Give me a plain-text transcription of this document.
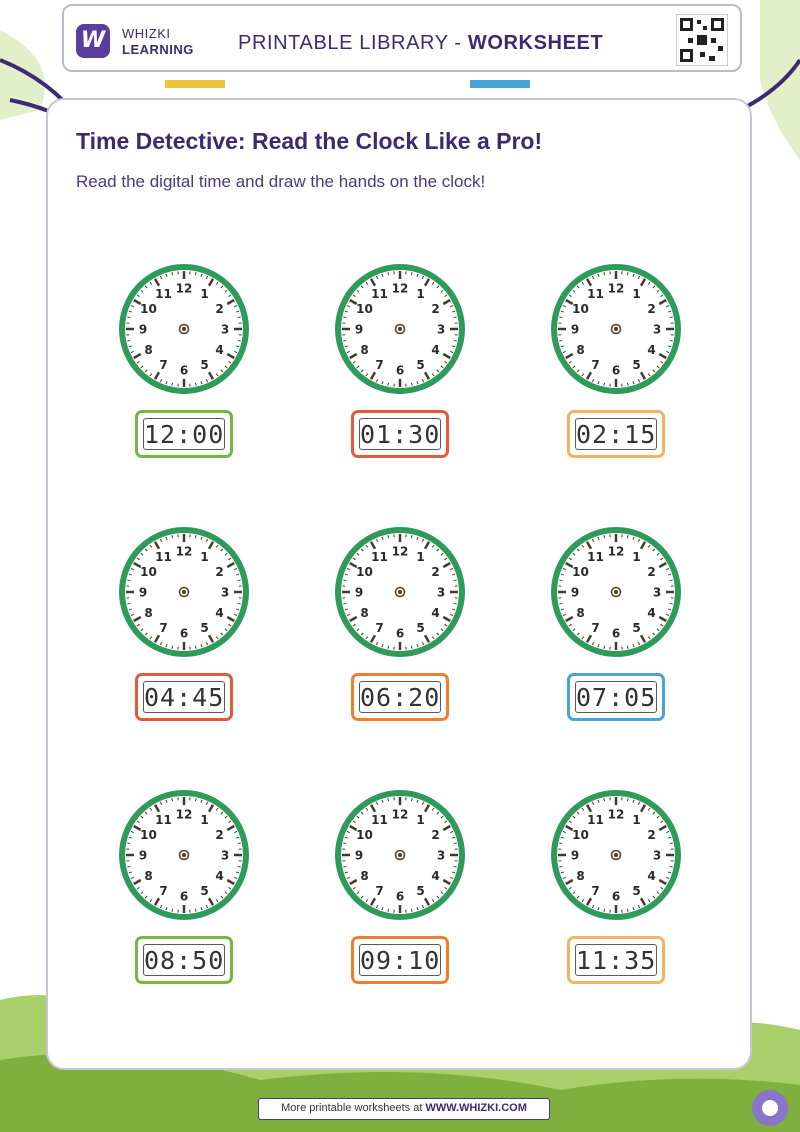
W	WHIZKI
LEARNING PRINTABLE LIBRARY - WORKSHEET
Time Detective: Read the Clock Like a Pro!
Read the digital time and draw the hands on the clock!
12 1
2
3
4
5
6
7
8
9
10
11
12:00
12 1
2
3
4
5
6
7
8
9
10
11
01:30
12 1
2
3
4
5
6
7
8
9
10
11
02:15
12 1
2
3
4
5
6
7
8
9
10
11
04:45
12 1
2
3
4
5
6
7
8
9
10
11
06:20
12 1
2
3
4
5
6
7
8
9
10
11
07:05
12 1
2
3
4
5
6
7
8
9
10
11
08:50
12 1
2
3
4
5
6
7
8
9
10
11
09:10
12 1
2
3
4
5
6
7
8
9
10
11
11:35
More printable worksheets at WWW.WHIZKI.COM
